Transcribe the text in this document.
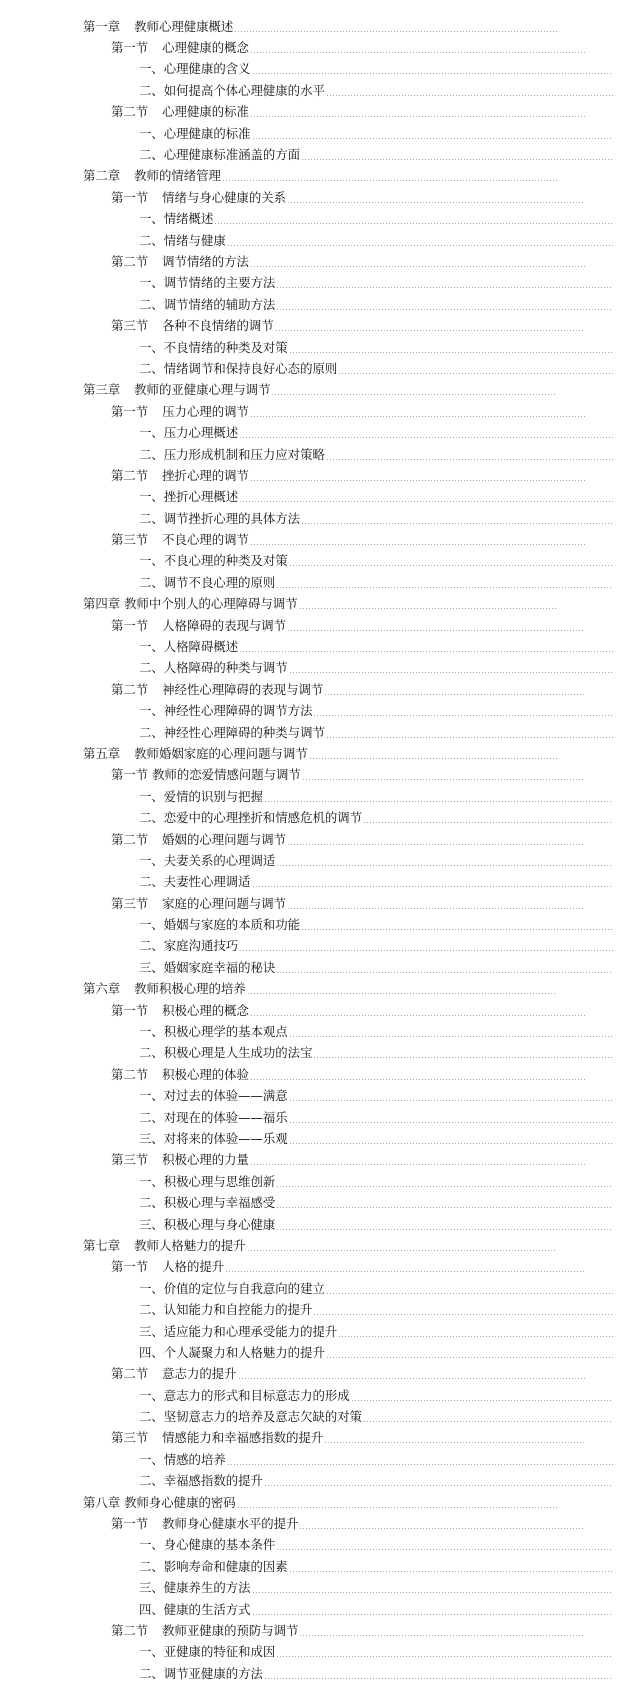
第一章 教师心理健康概述
第一节 心理健康的概念
一、心理健康的含义
二、如何提高个体心理健康的水平
第二节 心理健康的标准
一、心理健康的标准
二、心理健康标准涵盖的方面
第二章 教师的情绪管理
第一节 情绪与身心健康的关系
一、情绪概述
二、情绪与健康
第二节 调节情绪的方法
一、调节情绪的主要方法
二、调节情绪的辅助方法
第三节 各种不良情绪的调节
一、不良情绪的种类及对策
二、情绪调节和保持良好心态的原则
第三章 教师的亚健康心理与调节
第一节 压力心理的调节
一、压力心理概述
二、压力形成机制和压力应对策略
第二节 挫折心理的调节
一、挫折心理概述
二、调节挫折心理的具体方法
第三节 不良心理的调节
一、不良心理的种类及对策
二、调节不良心理的原则
第四章 教师中个别人的心理障碍与调节
第一节 人格障碍的表现与调节
一、人格障碍概述
二、人格障碍的种类与调节
第二节 神经性心理障碍的表现与调节
一、神经性心理障碍的调节方法
二、神经性心理障碍的种类与调节
第五章 教师婚姻家庭的心理问题与调节
第一节 教师的恋爱情感问题与调节
一、爱情的识别与把握
二、恋爱中的心理挫折和情感危机的调节
第二节 婚姻的心理问题与调节
一、夫妻关系的心理调适
二、夫妻性心理调适
第三节 家庭的心理问题与调节
一、婚姻与家庭的本质和功能
二、家庭沟通技巧
三、婚姻家庭幸福的秘诀
第六章 教师积极心理的培养
第一节 积极心理的概念
一、积极心理学的基本观点
二、积极心理是人生成功的法宝
第二节 积极心理的体验
一、对过去的体验——满意
二、对现在的体验——福乐
三、对将来的体验——乐观
第三节 积极心理的力量
一、积极心理与思维创新
二、积极心理与幸福感受
三、积极心理与身心健康
第七章 教师人格魅力的提升
第一节 人格的提升
一、价值的定位与自我意向的建立
二、认知能力和自控能力的提升
三、适应能力和心理承受能力的提升
四、个人凝聚力和人格魅力的提升
第二节 意志力的提升
一、意志力的形式和目标意志力的形成
二、坚韧意志力的培养及意志欠缺的对策
第三节 情感能力和幸福感指数的提升
一、情感的培养
二、幸福感指数的提升
第八章 教师身心健康的密码
第一节 教师身心健康水平的提升
一、身心健康的基本条件
二、影响寿命和健康的因素
三、健康养生的方法
四、健康的生活方式
第二节 教师亚健康的预防与调节
一、亚健康的特征和成因
二、调节亚健康的方法
